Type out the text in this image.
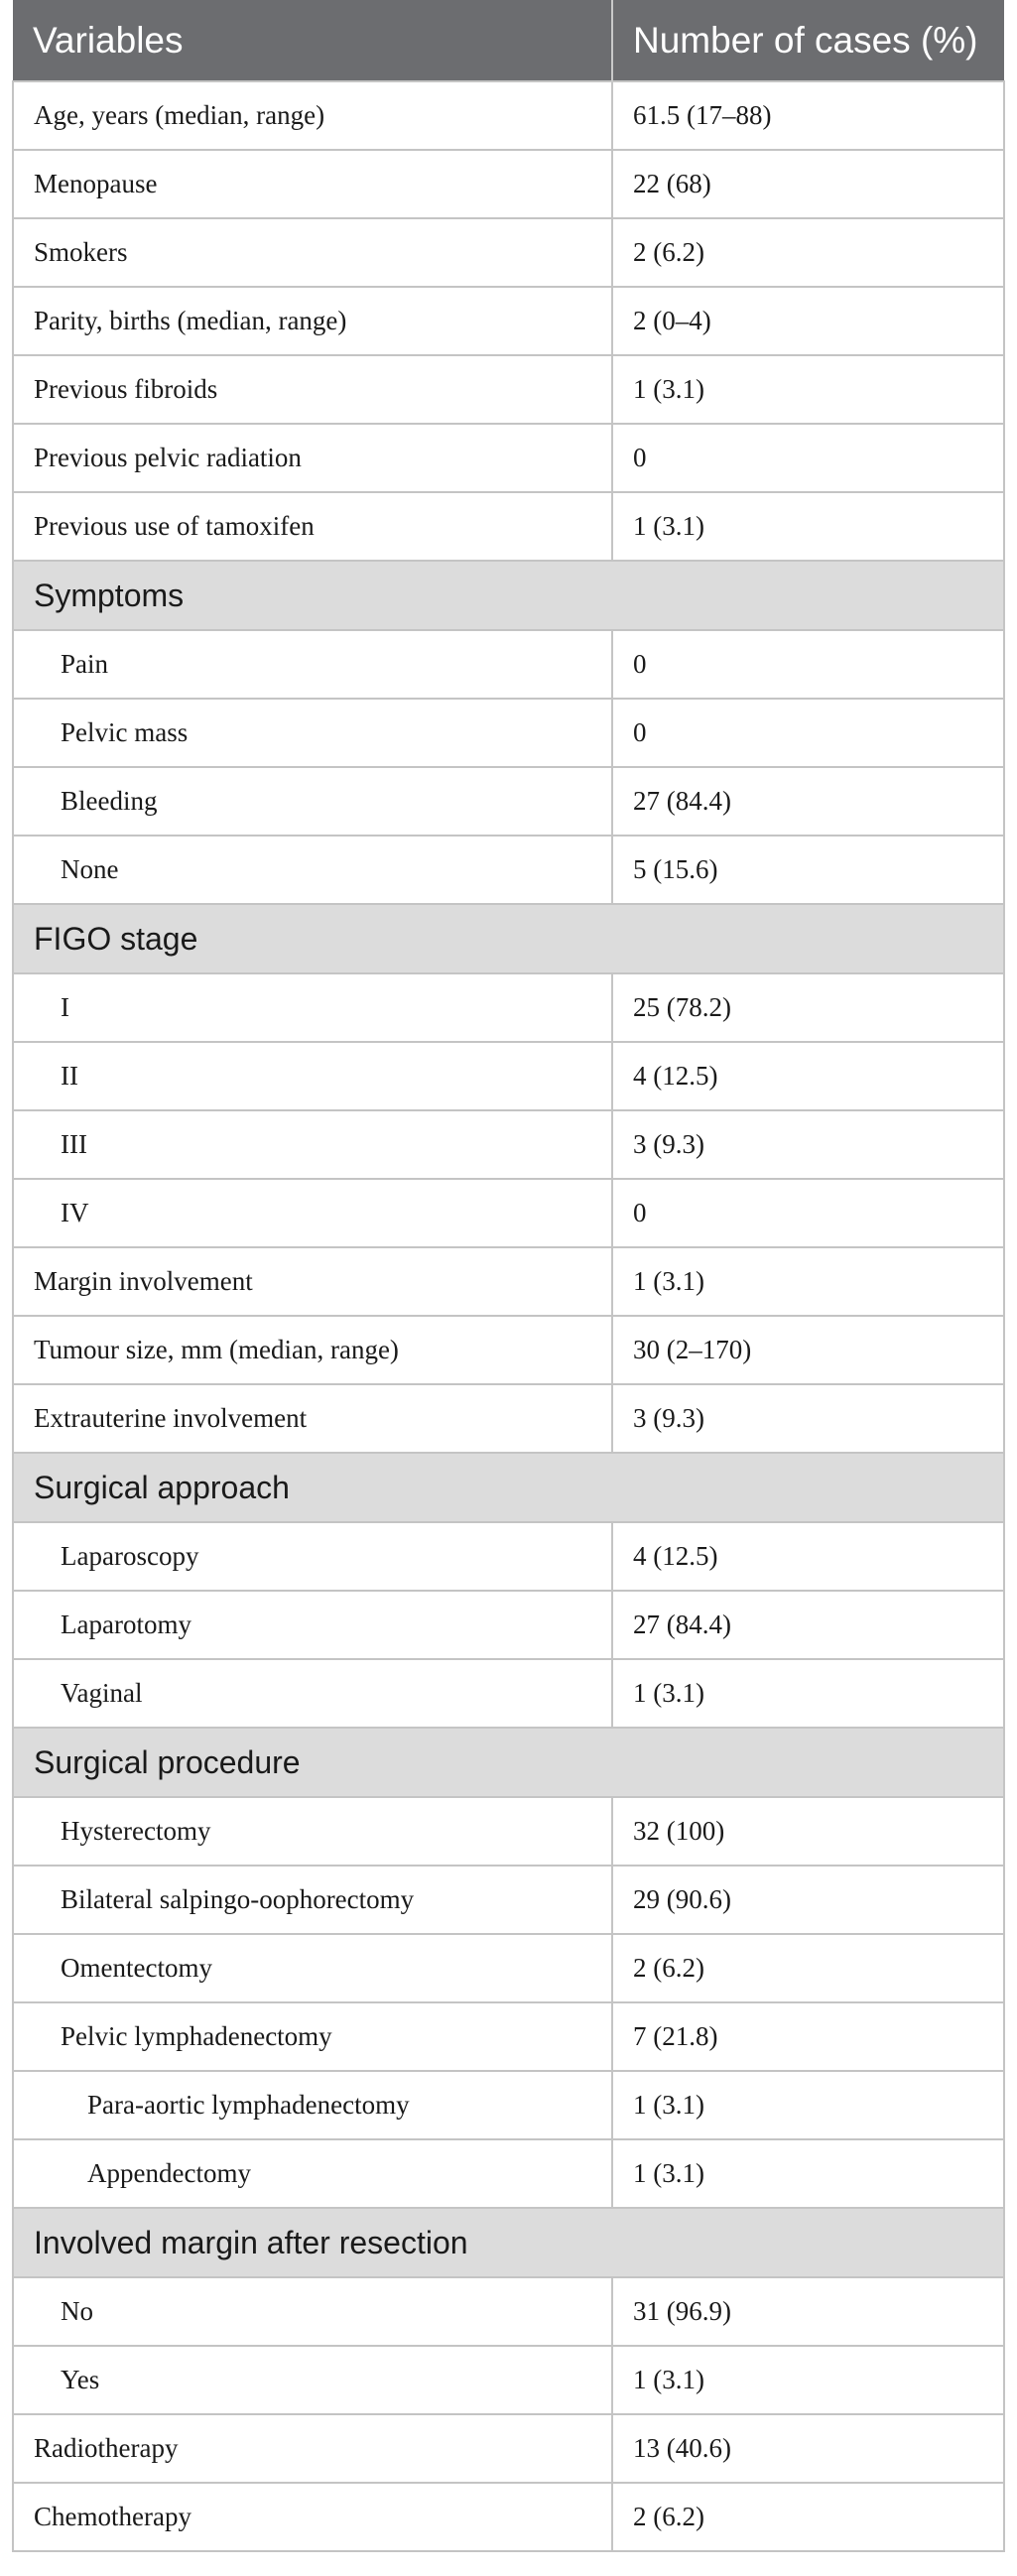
Variables	Number of cases (%)
Age, years (median, range)	61.5 (17–88)
Menopause	22 (68)
Smokers	2 (6.2)
Parity, births (median, range)	2 (0–4)
Previous fibroids	1 (3.1)
Previous pelvic radiation	0
Previous use of tamoxifen	1 (3.1)
Symptoms	
Pain	0
Pelvic mass	0
Bleeding	27 (84.4)
None	5 (15.6)
FIGO stage	
I	25 (78.2)
II	4 (12.5)
III	3 (9.3)
IV	0
Margin involvement	1 (3.1)
Tumour size, mm (median, range)	30 (2–170)
Extrauterine involvement	3 (9.3)
Surgical approach	
Laparoscopy	4 (12.5)
Laparotomy	27 (84.4)
Vaginal	1 (3.1)
Surgical procedure	
Hysterectomy	32 (100)
Bilateral salpingo-oophorectomy	29 (90.6)
Omentectomy	2 (6.2)
Pelvic lymphadenectomy	7 (21.8)
Para-aortic lymphadenectomy	1 (3.1)
Appendectomy	1 (3.1)
Involved margin after resection	
No	31 (96.9)
Yes	1 (3.1)
Radiotherapy	13 (40.6)
Chemotherapy	2 (6.2)
